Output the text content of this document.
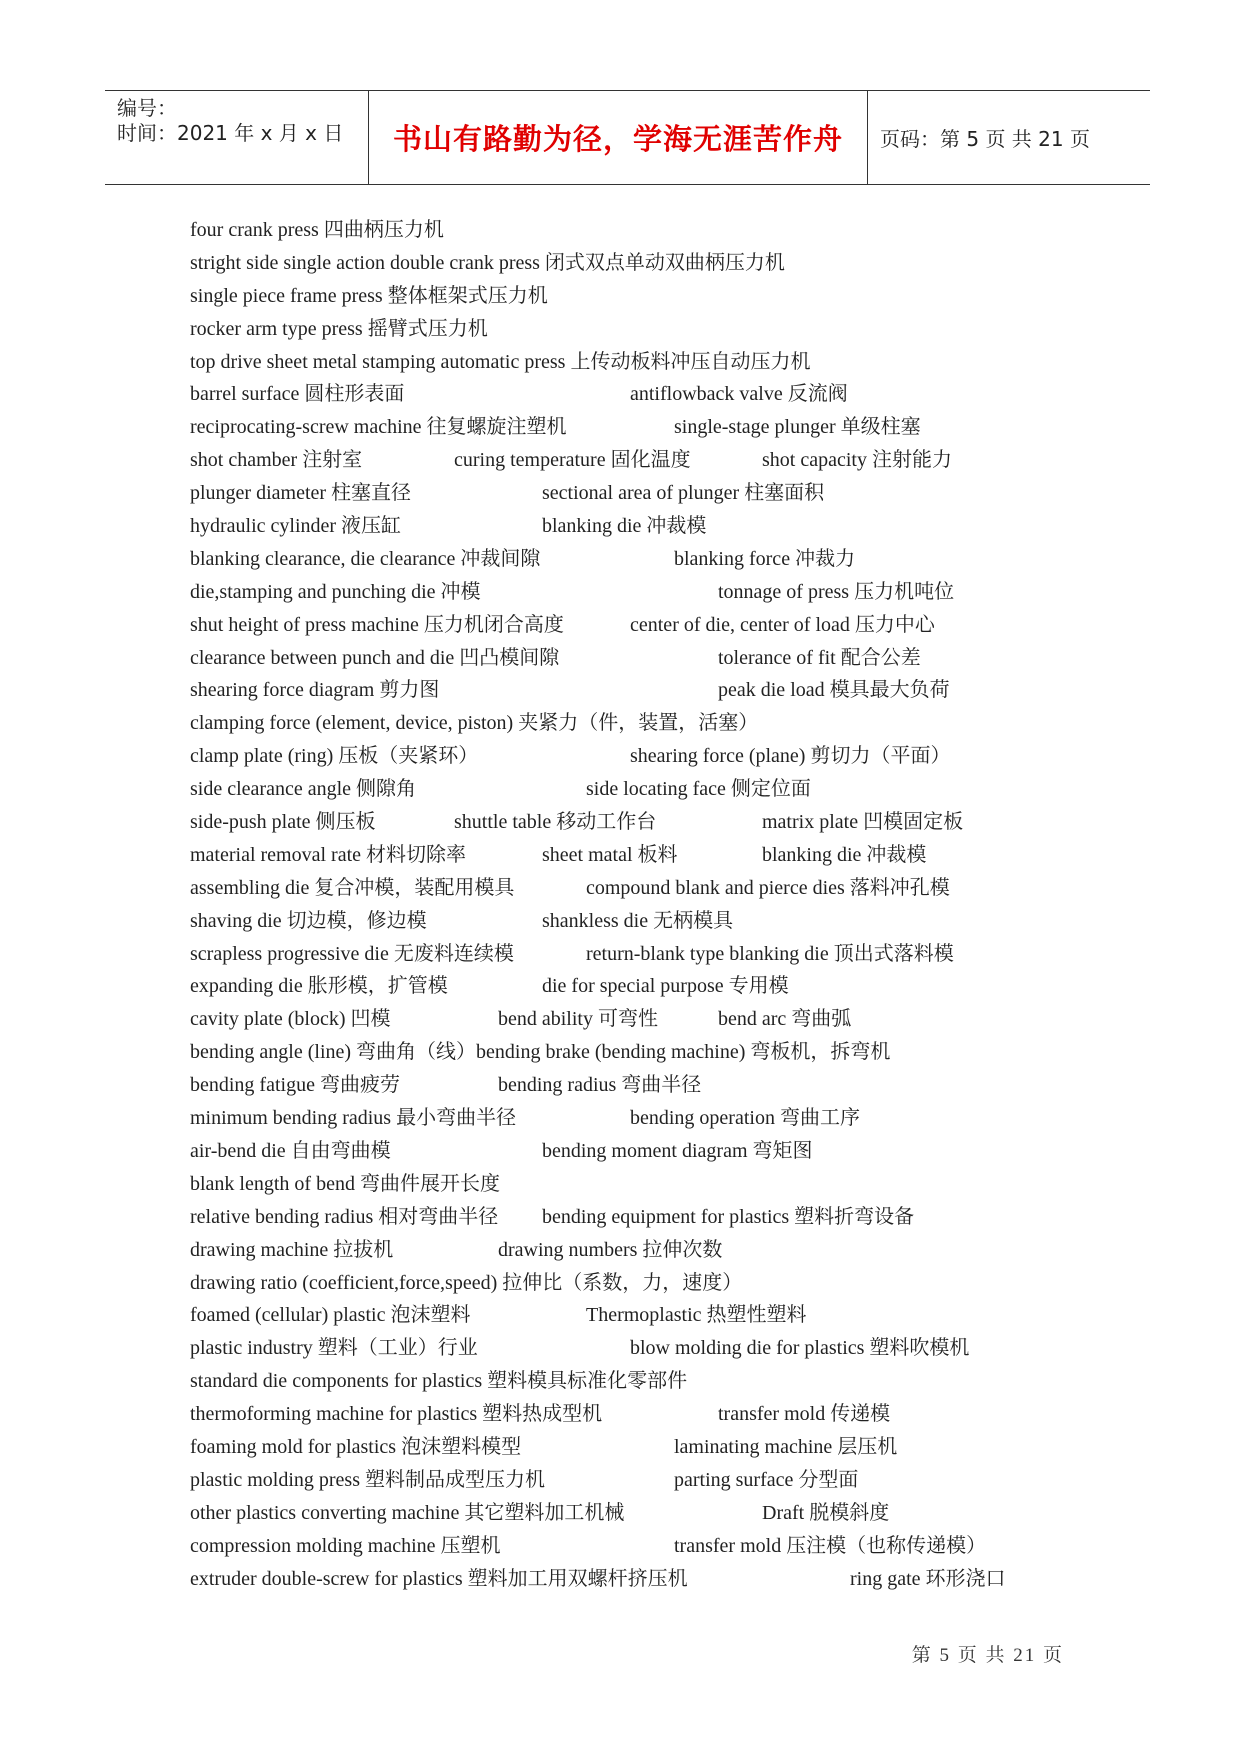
编号：
时间：2021 年 x 月 x 日	书山有路勤为径，学海无涯苦作舟	页码：第 5 页 共 21 页
four crank press 四曲柄压力机
stright side single action double crank press 闭式双点单动双曲柄压力机
single piece frame press 整体框架式压力机
rocker arm type press 摇臂式压力机
top drive sheet metal stamping automatic press 上传动板料冲压自动压力机
barrel surface 圆柱形表面	antiflowback valve 反流阀
reciprocating-screw machine 往复螺旋注塑机	single-stage plunger 单级柱塞
shot chamber 注射室	curing temperature 固化温度	shot capacity 注射能力
plunger diameter 柱塞直径	sectional area of plunger 柱塞面积
hydraulic cylinder 液压缸	blanking die 冲裁模
blanking clearance, die clearance 冲裁间隙	blanking force 冲裁力
die,stamping and punching die 冲模	tonnage of press 压力机吨位
shut height of press machine 压力机闭合高度	center of die, center of load 压力中心
clearance between punch and die 凹凸模间隙	tolerance of fit 配合公差
shearing force diagram 剪力图	peak die load 模具最大负荷
clamping force (element, device, piston) 夹紧力（件，装置，活塞）
clamp plate (ring) 压板（夹紧环）	shearing force (plane) 剪切力（平面）
side clearance angle 侧隙角	side locating face 侧定位面
side-push plate 侧压板	shuttle table 移动工作台	matrix plate 凹模固定板
material removal rate 材料切除率	sheet matal 板料	blanking die 冲裁模
assembling die 复合冲模，装配用模具	compound blank and pierce dies 落料冲孔模
shaving die 切边模，修边模	shankless die 无柄模具
scrapless progressive die 无废料连续模	return-blank type blanking die 顶出式落料模
expanding die 胀形模，扩管模	die for special purpose 专用模
cavity plate (block) 凹模	bend ability 可弯性	bend arc 弯曲弧
bending angle (line) 弯曲角（线）bending brake (bending machine) 弯板机，拆弯机
bending fatigue 弯曲疲劳	bending radius 弯曲半径
minimum bending radius 最小弯曲半径	bending operation 弯曲工序
air-bend die 自由弯曲模	bending moment diagram 弯矩图
blank length of bend 弯曲件展开长度
relative bending radius 相对弯曲半径 bending equipment for plastics 塑料折弯设备
drawing machine 拉拔机	drawing numbers 拉伸次数
drawing ratio (coefficient,force,speed) 拉伸比（系数，力，速度）
foamed (cellular) plastic 泡沫塑料	Thermoplastic 热塑性塑料
plastic industry 塑料（工业）行业	blow molding die for plastics 塑料吹模机
standard die components for plastics 塑料模具标准化零部件
thermoforming machine for plastics 塑料热成型机	transfer mold 传递模
foaming mold for plastics 泡沫塑料模型	laminating machine 层压机
plastic molding press 塑料制品成型压力机	parting surface 分型面
other plastics converting machine 其它塑料加工机械	Draft 脱模斜度
compression molding machine 压塑机	transfer mold 压注模（也称传递模）
extruder double-screw for plastics 塑料加工用双螺杆挤压机	ring gate 环形浇口
第 5 页 共 21 页
